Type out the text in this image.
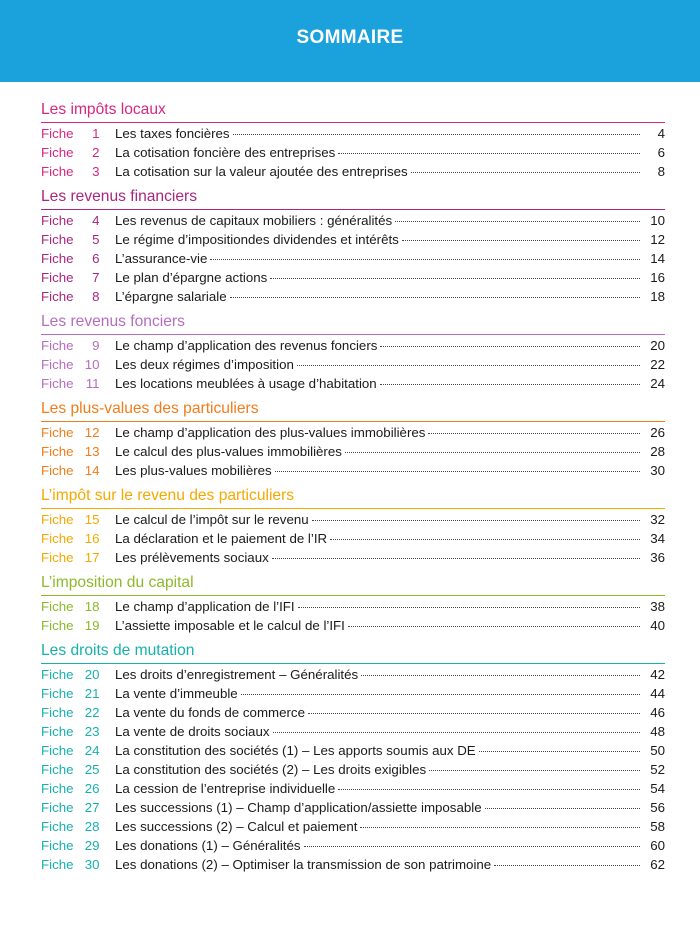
SOMMAIRE
Les impôts locaux
Fiche 1	Les taxes foncières	4
Fiche 2	La cotisation foncière des entreprises	6
Fiche 3	La cotisation sur la valeur ajoutée des entreprises	8
Les revenus financiers
Fiche 4	Les revenus de capitaux mobiliers : généralités	10
Fiche 5	Le régime d’impositiondes dividendes et intérêts	12
Fiche 6	L’assurance-vie	14
Fiche 7	Le plan d’épargne actions	16
Fiche 8	L’épargne salariale	18
Les revenus fonciers
Fiche 9	Le champ d’application des revenus fonciers	20
Fiche 10	Les deux régimes d’imposition	22
Fiche 11	Les locations meublées à usage d’habitation	24
Les plus-values des particuliers
Fiche 12	Le champ d’application des plus-values immobilières	26
Fiche 13	Le calcul des plus-values immobilières	28
Fiche 14	Les plus-values mobilières	30
L’impôt sur le revenu des particuliers
Fiche 15	Le calcul de l’impôt sur le revenu	32
Fiche 16	La déclaration et le paiement de l’IR	34
Fiche 17	Les prélèvements sociaux	36
L’imposition du capital
Fiche 18	Le champ d’application de l’IFI	38
Fiche 19	L’assiette imposable et le calcul de l’IFI	40
Les droits de mutation
Fiche 20	Les droits d’enregistrement – Généralités	42
Fiche 21	La vente d’immeuble	44
Fiche 22	La vente du fonds de commerce	46
Fiche 23	La vente de droits sociaux	48
Fiche 24	La constitution des sociétés (1) – Les apports soumis aux DE	50
Fiche 25	La constitution des sociétés (2) – Les droits exigibles	52
Fiche 26	La cession de l’entreprise individuelle	54
Fiche 27	Les successions (1) – Champ d’application/assiette imposable	56
Fiche 28	Les successions (2) – Calcul et paiement	58
Fiche 29	Les donations (1) – Généralités	60
Fiche 30	Les donations (2) – Optimiser la transmission de son patrimoine	62
